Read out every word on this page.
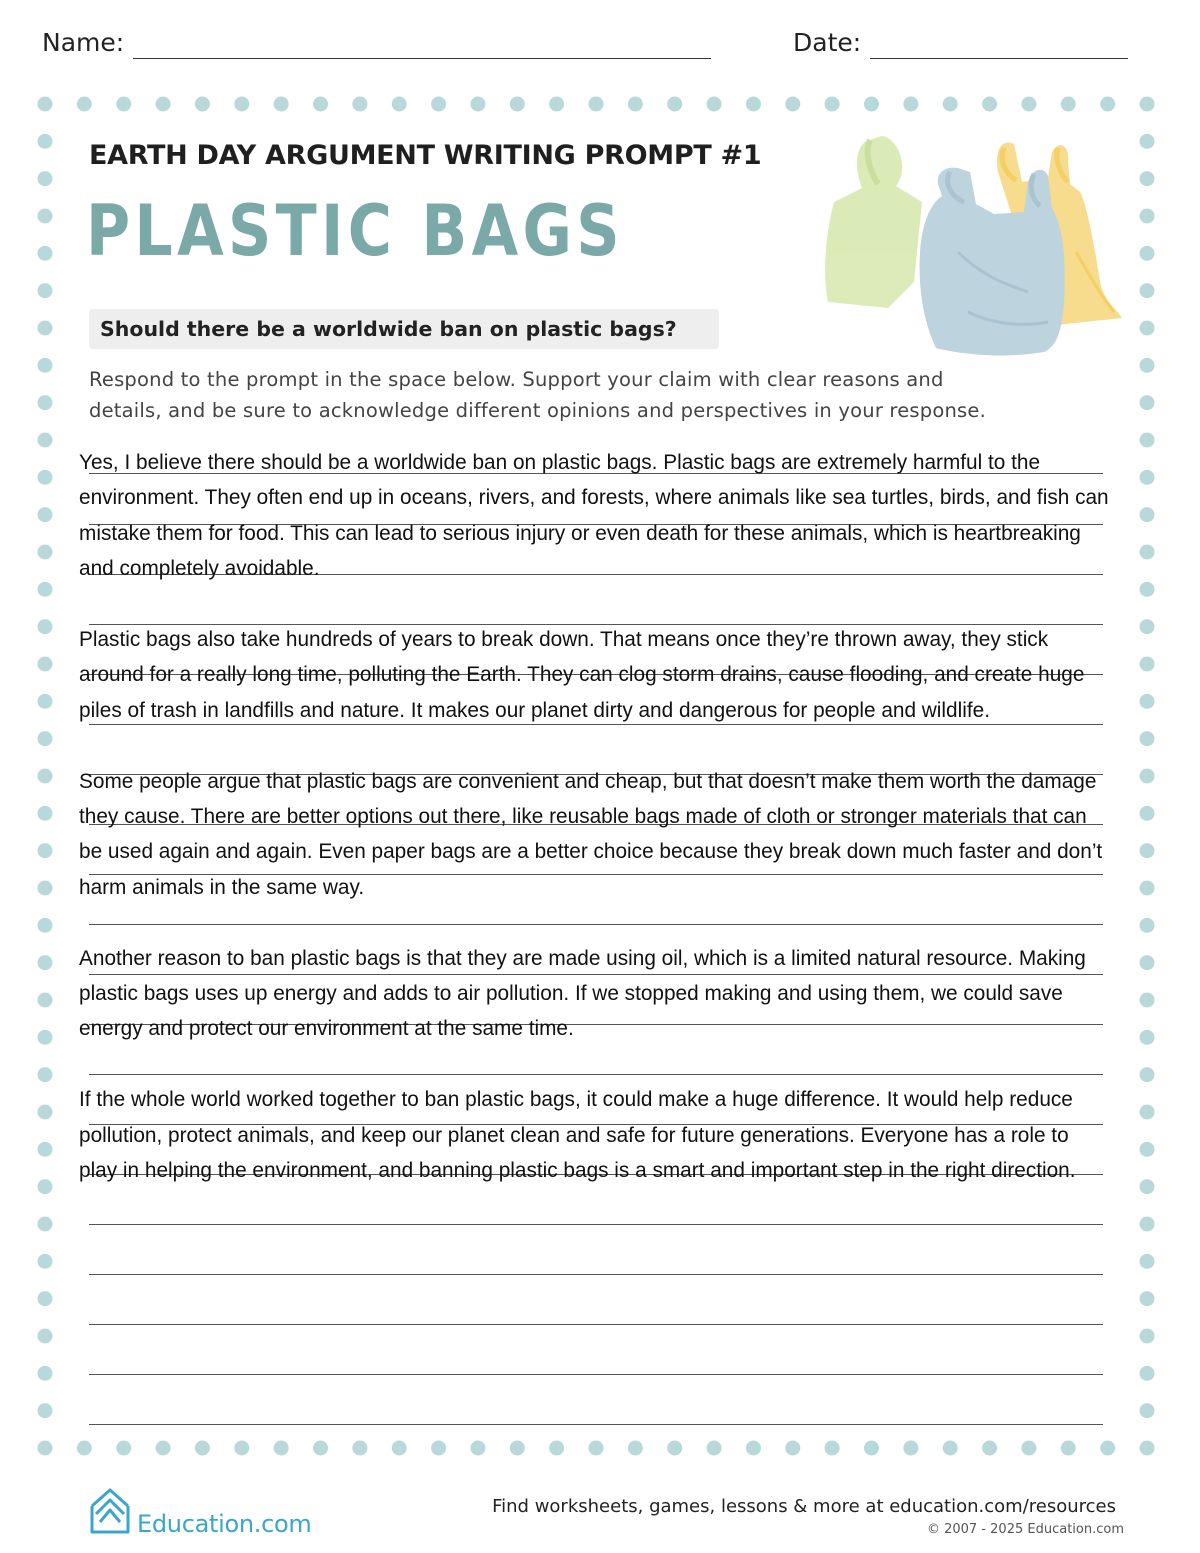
Name:	Date:
EARTH DAY ARGUMENT WRITING PROMPT #1
PLASTIC BAGS
Should there be a worldwide ban on plastic bags?

Respond to the prompt in the space below. Support your claim with clear reasons and
details, and be sure to acknowledge different opinions and perspectives in your response.

Yes, I believe there should be a worldwide ban on plastic bags. Plastic bags are extremely harmful to the environment. They often end up in oceans, rivers, and forests, where animals like sea turtles, birds, and fish can mistake them for food. This can lead to serious injury or even death for these animals, which is heartbreaking and completely avoidable.

Plastic bags also take hundreds of years to break down. That means once they’re thrown away, they stick around for a really long time, polluting the Earth. They can clog storm drains, cause flooding, and create huge piles of trash in landfills and nature. It makes our planet dirty and dangerous for people and wildlife.

Some people argue that plastic bags are convenient and cheap, but that doesn’t make them worth the damage they cause. There are better options out there, like reusable bags made of cloth or stronger materials that can be used again and again. Even paper bags are a better choice because they break down much faster and don’t harm animals in the same way.

Another reason to ban plastic bags is that they are made using oil, which is a limited natural resource. Making plastic bags uses up energy and adds to air pollution. If we stopped making and using them, we could save energy and protect our environment at the same time.

If the whole world worked together to ban plastic bags, it could make a huge difference. It would help reduce pollution, protect animals, and keep our planet clean and safe for future generations. Everyone has a role to play in helping the environment, and banning plastic bags is a smart and important step in the right direction.

Education.com
Find worksheets, games, lessons & more at education.com/resources
© 2007 - 2025 Education.com
